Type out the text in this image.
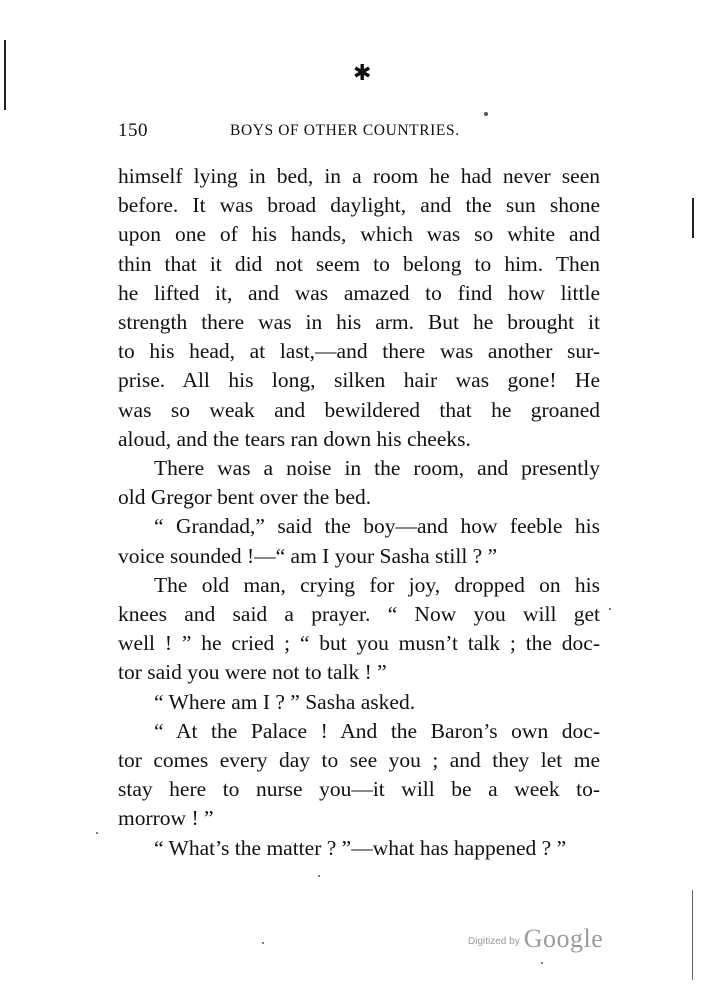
✱
150	BOYS OF OTHER COUNTRIES.

himself lying in bed, in a room he had never seen
before. It was broad daylight, and the sun shone
upon one of his hands, which was so white and
thin that it did not seem to belong to him. Then
he lifted it, and was amazed to find how little
strength there was in his arm. But he brought it
to his head, at last,—and there was another sur-
prise. All his long, silken hair was gone! He
was so weak and bewildered that he groaned
aloud, and the tears ran down his cheeks.

There was a noise in the room, and presently
old Gregor bent over the bed.

“ Grandad,” said the boy—and how feeble his
voice sounded !—“ am I your Sasha still ? ”

The old man, crying for joy, dropped on his
knees and said a prayer. “ Now you will get
well ! ” he cried ; “ but you musn’t talk ; the doc-
tor said you were not to talk ! ”

“ Where am I ? ” Sasha asked.

“ At the Palace ! And the Baron’s own doc-
tor comes every day to see you ; and they let me
stay here to nurse you—it will be a week to-
morrow ! ”

“ What’s the matter ? ”—what has happened ? ”

Digitized by Google
